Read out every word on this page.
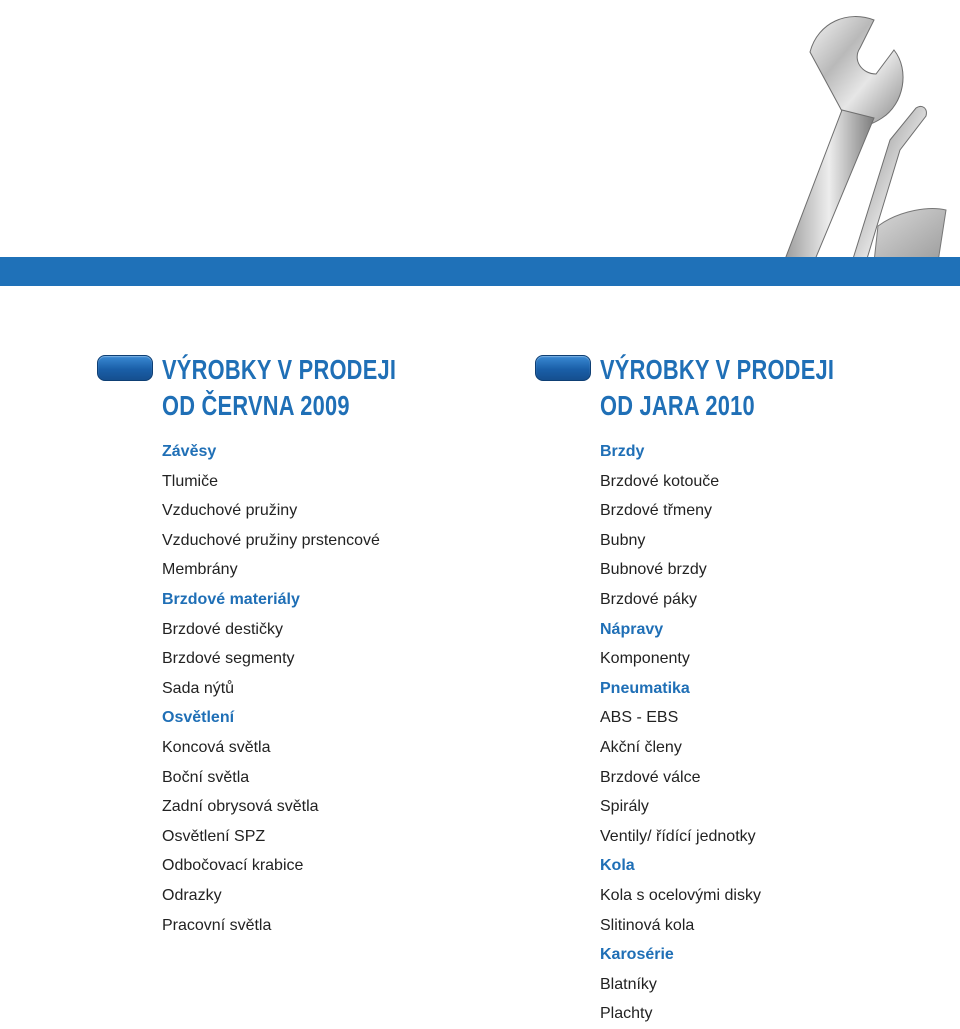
VÝROBKY V PRODEJI
OD ČERVNA 2009
Závěsy
Tlumiče
Vzduchové pružiny
Vzduchové pružiny prstencové
Membrány
Brzdové materiály
Brzdové destičky
Brzdové segmenty
Sada nýtů
Osvětlení
Koncová světla
Boční světla
Zadní obrysová světla
Osvětlení SPZ
Odbočovací krabice
Odrazky
Pracovní světla
VÝROBKY V PRODEJI
OD JARA 2010
Brzdy
Brzdové kotouče
Brzdové třmeny
Bubny
Bubnové brzdy
Brzdové páky
Nápravy
Komponenty
Pneumatika
ABS - EBS
Akční členy
Brzdové válce
Spirály
Ventily/ řídící jednotky
Kola
Kola s ocelovými disky
Slitinová kola
Karosérie
Blatníky
Plachty
